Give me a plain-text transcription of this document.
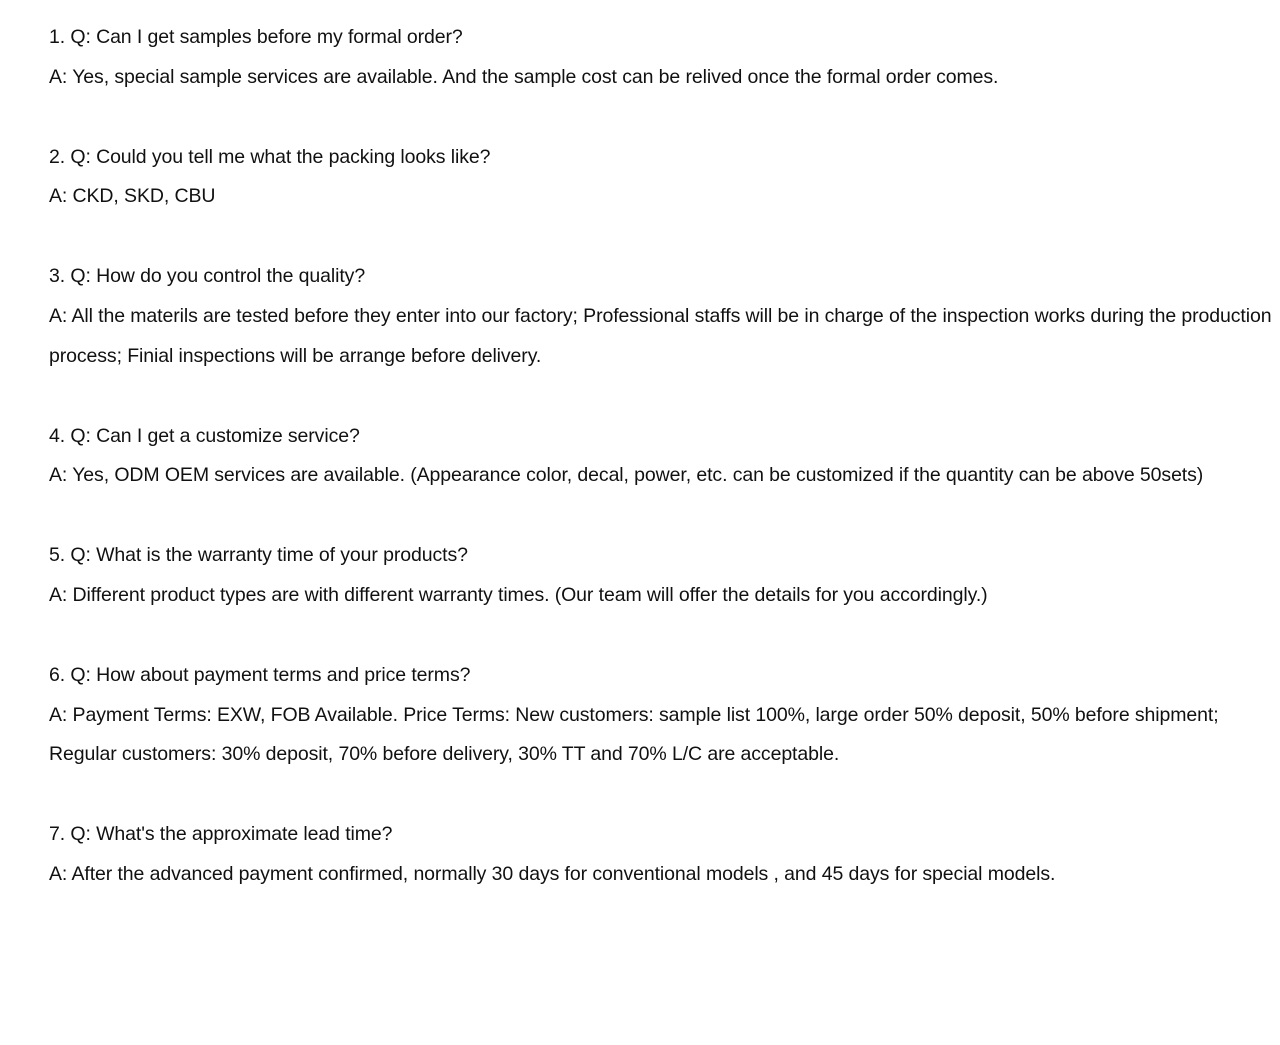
1. Q: Can I get samples before my formal order?

A: Yes, special sample services are available. And the sample cost can be relived once the formal order comes.

2. Q: Could you tell me what the packing looks like?

A: CKD, SKD, CBU

3. Q: How do you control the quality?

A: All the materils are tested before they enter into our factory; Professional staffs will be in charge of the inspection works during the production process; Finial inspections will be arrange before delivery.

4. Q: Can I get a customize service?

A: Yes, ODM OEM services are available. (Appearance color, decal, power, etc. can be customized if the quantity can be above 50sets)

5. Q: What is the warranty time of your products?

A: Different product types are with different warranty times. (Our team will offer the details for you accordingly.)

6. Q: How about payment terms and price terms?

A: Payment Terms: EXW, FOB Available. Price Terms: New customers: sample list 100%, large order 50% deposit, 50% before shipment; Regular customers: 30% deposit, 70% before delivery, 30% TT and 70% L/C are acceptable.

7. Q: What's the approximate lead time?

A: After the advanced payment confirmed, normally 30 days for conventional models , and 45 days for special models.
